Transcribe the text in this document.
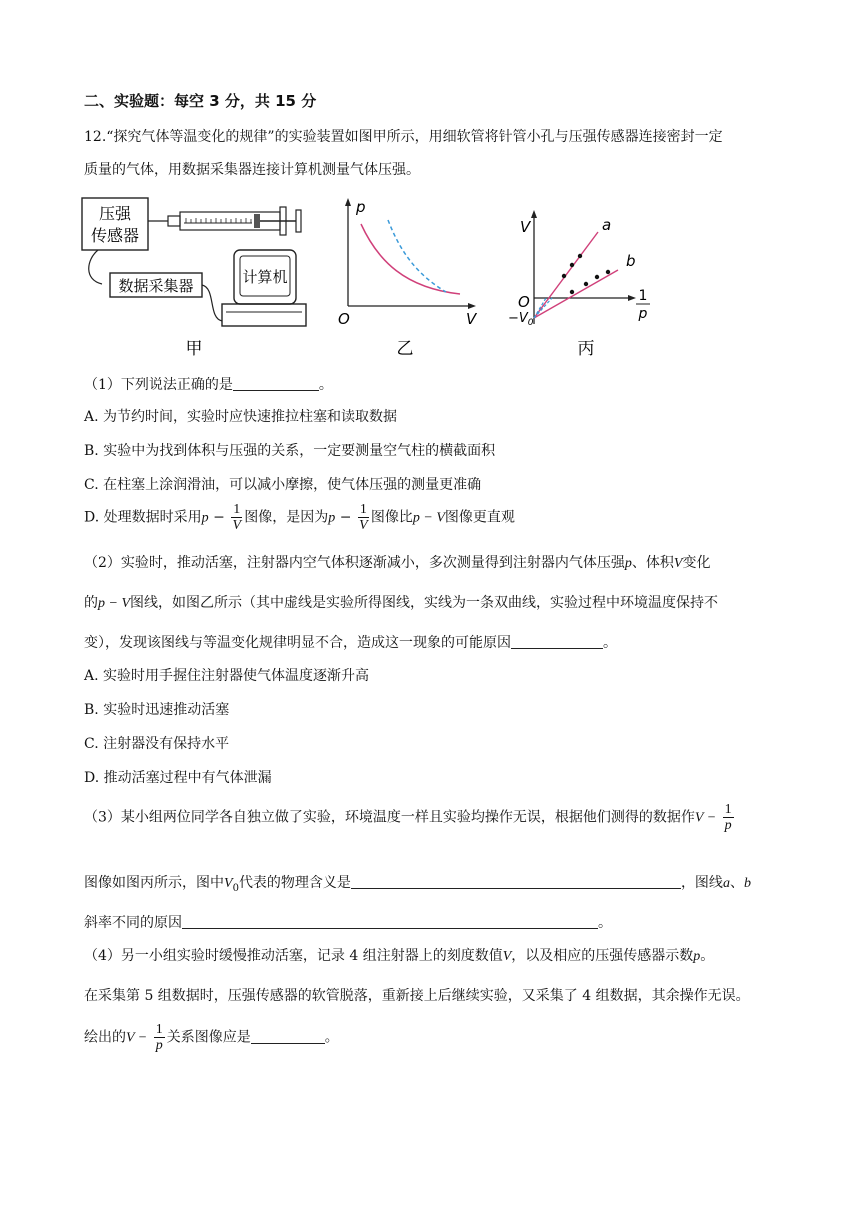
二、实验题：每空 3 分，共 15 分
12.“探究气体等温变化的规律”的实验装置如图甲所示，用细软管将针管小孔与压强传感器连接密封一定
质量的气体，用数据采集器连接计算机测量气体压强。
压强
传感器
数据采集器	计算机
甲
p
O	V
乙
V
O
$-V_0$
1
p
a
b
丙
（1）下列说法正确的是	。
A. 为节约时间，实验时应快速推拉柱塞和读取数据
B. 实验中为找到体积与压强的关系，一定要测量空气柱的横截面积
C. 在柱塞上涂润滑油，可以减小摩擦，使气体压强的测量更准确
D. 处理数据时采用$p - \frac{1}{V}$ 图像，是因为$p - \frac{1}{V}$ 图像比p − V图像更直观
（2）实验时，推动活塞，注射器内空气体积逐渐减小，多次测量得到注射器内气体压强p、体积V变化
的p − V图线，如图乙所示（其中虚线是实验所得图线，实线为一条双曲线，实验过程中环境温度保持不
变），发现该图线与等温变化规律明显不合，造成这一现象的可能原因	。
A. 实验时用手握住注射器使气体温度逐渐升高
B. 实验时迅速推动活塞
C. 注射器没有保持水平
D. 推动活塞过程中有气体泄漏
（3）某小组两位同学各自独立做了实验，环境温度一样且实验均操作无误，根据他们测得的数据作$V - \frac{1}{p}$
图像如图丙所示，图中$V_0$代表的物理含义是	，图线a、b
斜率不同的原因	。
（4）另一小组实验时缓慢推动活塞，记录 4 组注射器上的刻度数值V，以及相应的压强传感器示数p。
在采集第 5 组数据时，压强传感器的软管脱落，重新接上后继续实验，又采集了 4 组数据，其余操作无误。
绘出的$V - \frac{1}{p}$ 关系图像应是	。
